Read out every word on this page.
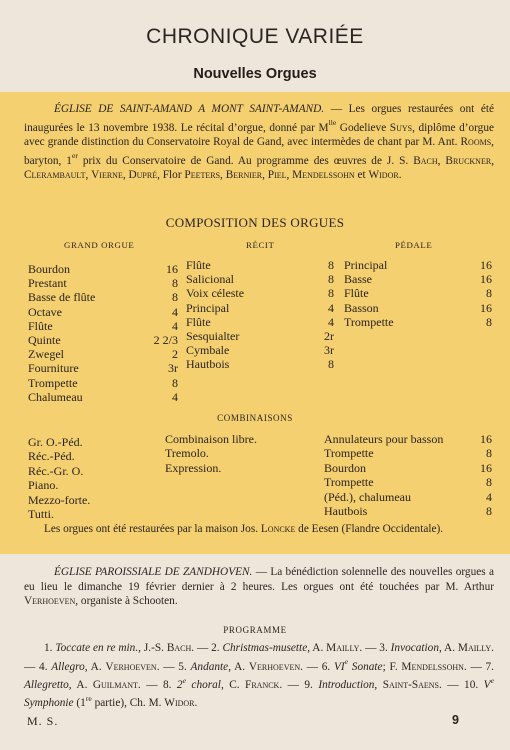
CHRONIQUE VARIÉE
Nouvelles Orgues
ÉGLISE DE SAINT-AMAND A MONT SAINT-AMAND. — Les orgues restaurées ont été inaugurées le 13 novembre 1938. Le récital d’orgue, donné par $M^{lle}$ Godelieve Suys, diplôme d’orgue avec grande distinction du Conservatoire Royal de Gand, avec intermèdes de chant par M. Ant. Rooms, baryton, 1er prix du Conservatoire de Gand. Au programme des œuvres de J. S. Bach, Bruckner, Clerambault, Vierne, Dupré, Flor Peeters, Bernier, Piel, Mendelssohn et Widor.
COMPOSITION DES ORGUES
GRAND ORGUE	RÉCIT	PÉDALE
Bourdon	16
Prestant	8
Basse de flûte	8
Octave	4
Flûte	4
Quinte	2 2/3
Zwegel	2
Fourniture	3r
Trompette	8
Chalumeau	4
Flûte	8
Salicional	8
Voix céleste	8
Principal	4
Flûte	4
Sesquialter	2r
Cymbale	3r
Hautbois	8
Principal	16
Basse	16
Flûte	8
Basson	16
Trompette	8
COMBINAISONS
Gr. O.-Péd.
Réc.-Péd.
Réc.-Gr. O.
Piano.
Mezzo-forte.
Tutti.
Combinaison libre.
Tremolo.
Expression.
Annulateurs pour basson	16
Trompette	8
Bourdon	16
Trompette	8
(Péd.), chalumeau	4
Hautbois	8
Les orgues ont été restaurées par la maison Jos. Loncke de Eesen (Flandre Occidentale).
ÉGLISE PAROISSIALE DE ZANDHOVEN. — La bénédiction solennelle des nouvelles orgues a eu lieu le dimanche 19 février dernier à 2 heures. Les orgues ont été touchées par M. Arthur Verhoeven, organiste à Schooten.
PROGRAMME
1. Toccate en re min., J.-S. Bach. — 2. Christmas-musette, A. Mailly. — 3. Invocation, A. Mailly. — 4. Allegro, A. Verhoeven. — 5. Andante, A. Verhoeven. — 6. VIe Sonate; F. Mendelssohn. — 7. Allegretto, A. Guilmant. — 8. 2e choral, C. Franck. — 9. Introduction, Saint-Saens. — 10. Ve Symphonie (1re partie), Ch. M. Widor.
M. S.	9
